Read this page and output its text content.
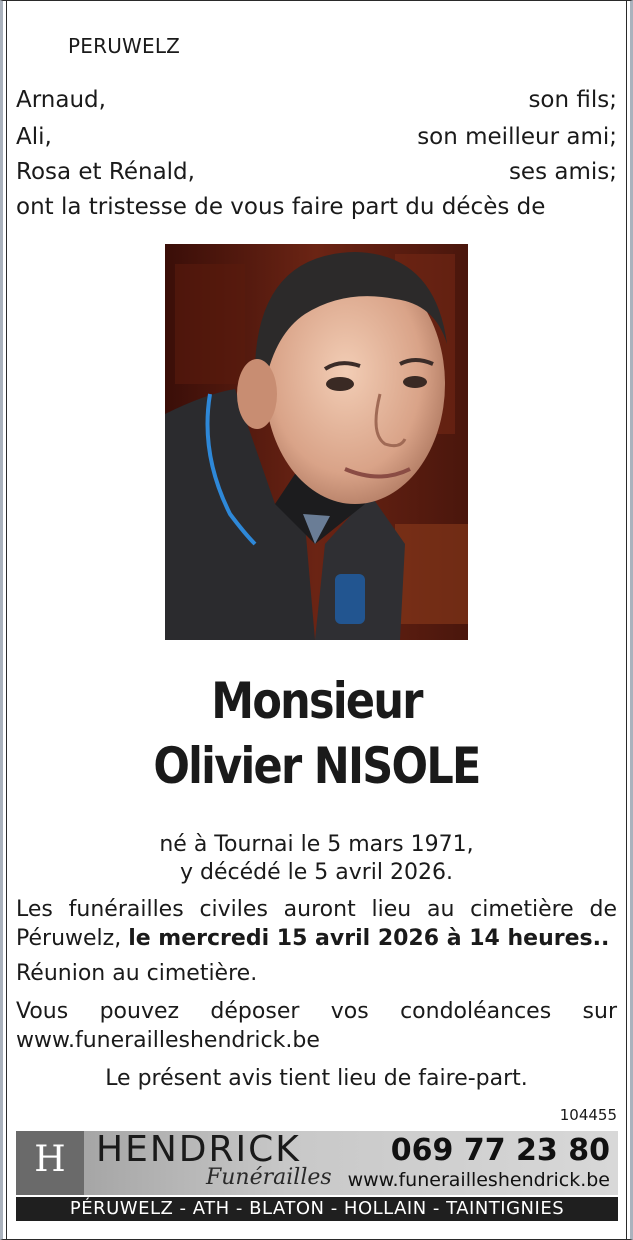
PERUWELZ
Arnaud,	son fils;
Ali,	son meilleur ami;
Rosa et Rénald,	ses amis;
ont la tristesse de vous faire part du décès de
Monsieur
Olivier NISOLE
né à Tournai le 5 mars 1971,
y décédé le 5 avril 2026.
Les funérailles civiles auront lieu au cimetière de
Péruwelz, le mercredi 15 avril 2026 à 14 heures..
Réunion au cimetière.
Vous pouvez déposer vos condoléances sur
www.funerailleshendrick.be
Le présent avis tient lieu de faire-part.
104455
H HENDRICK
Funérailles
069 77 23 80
www.funerailleshendrick.be
PÉRUWELZ - ATH - BLATON - HOLLAIN - TAINTIGNIES
